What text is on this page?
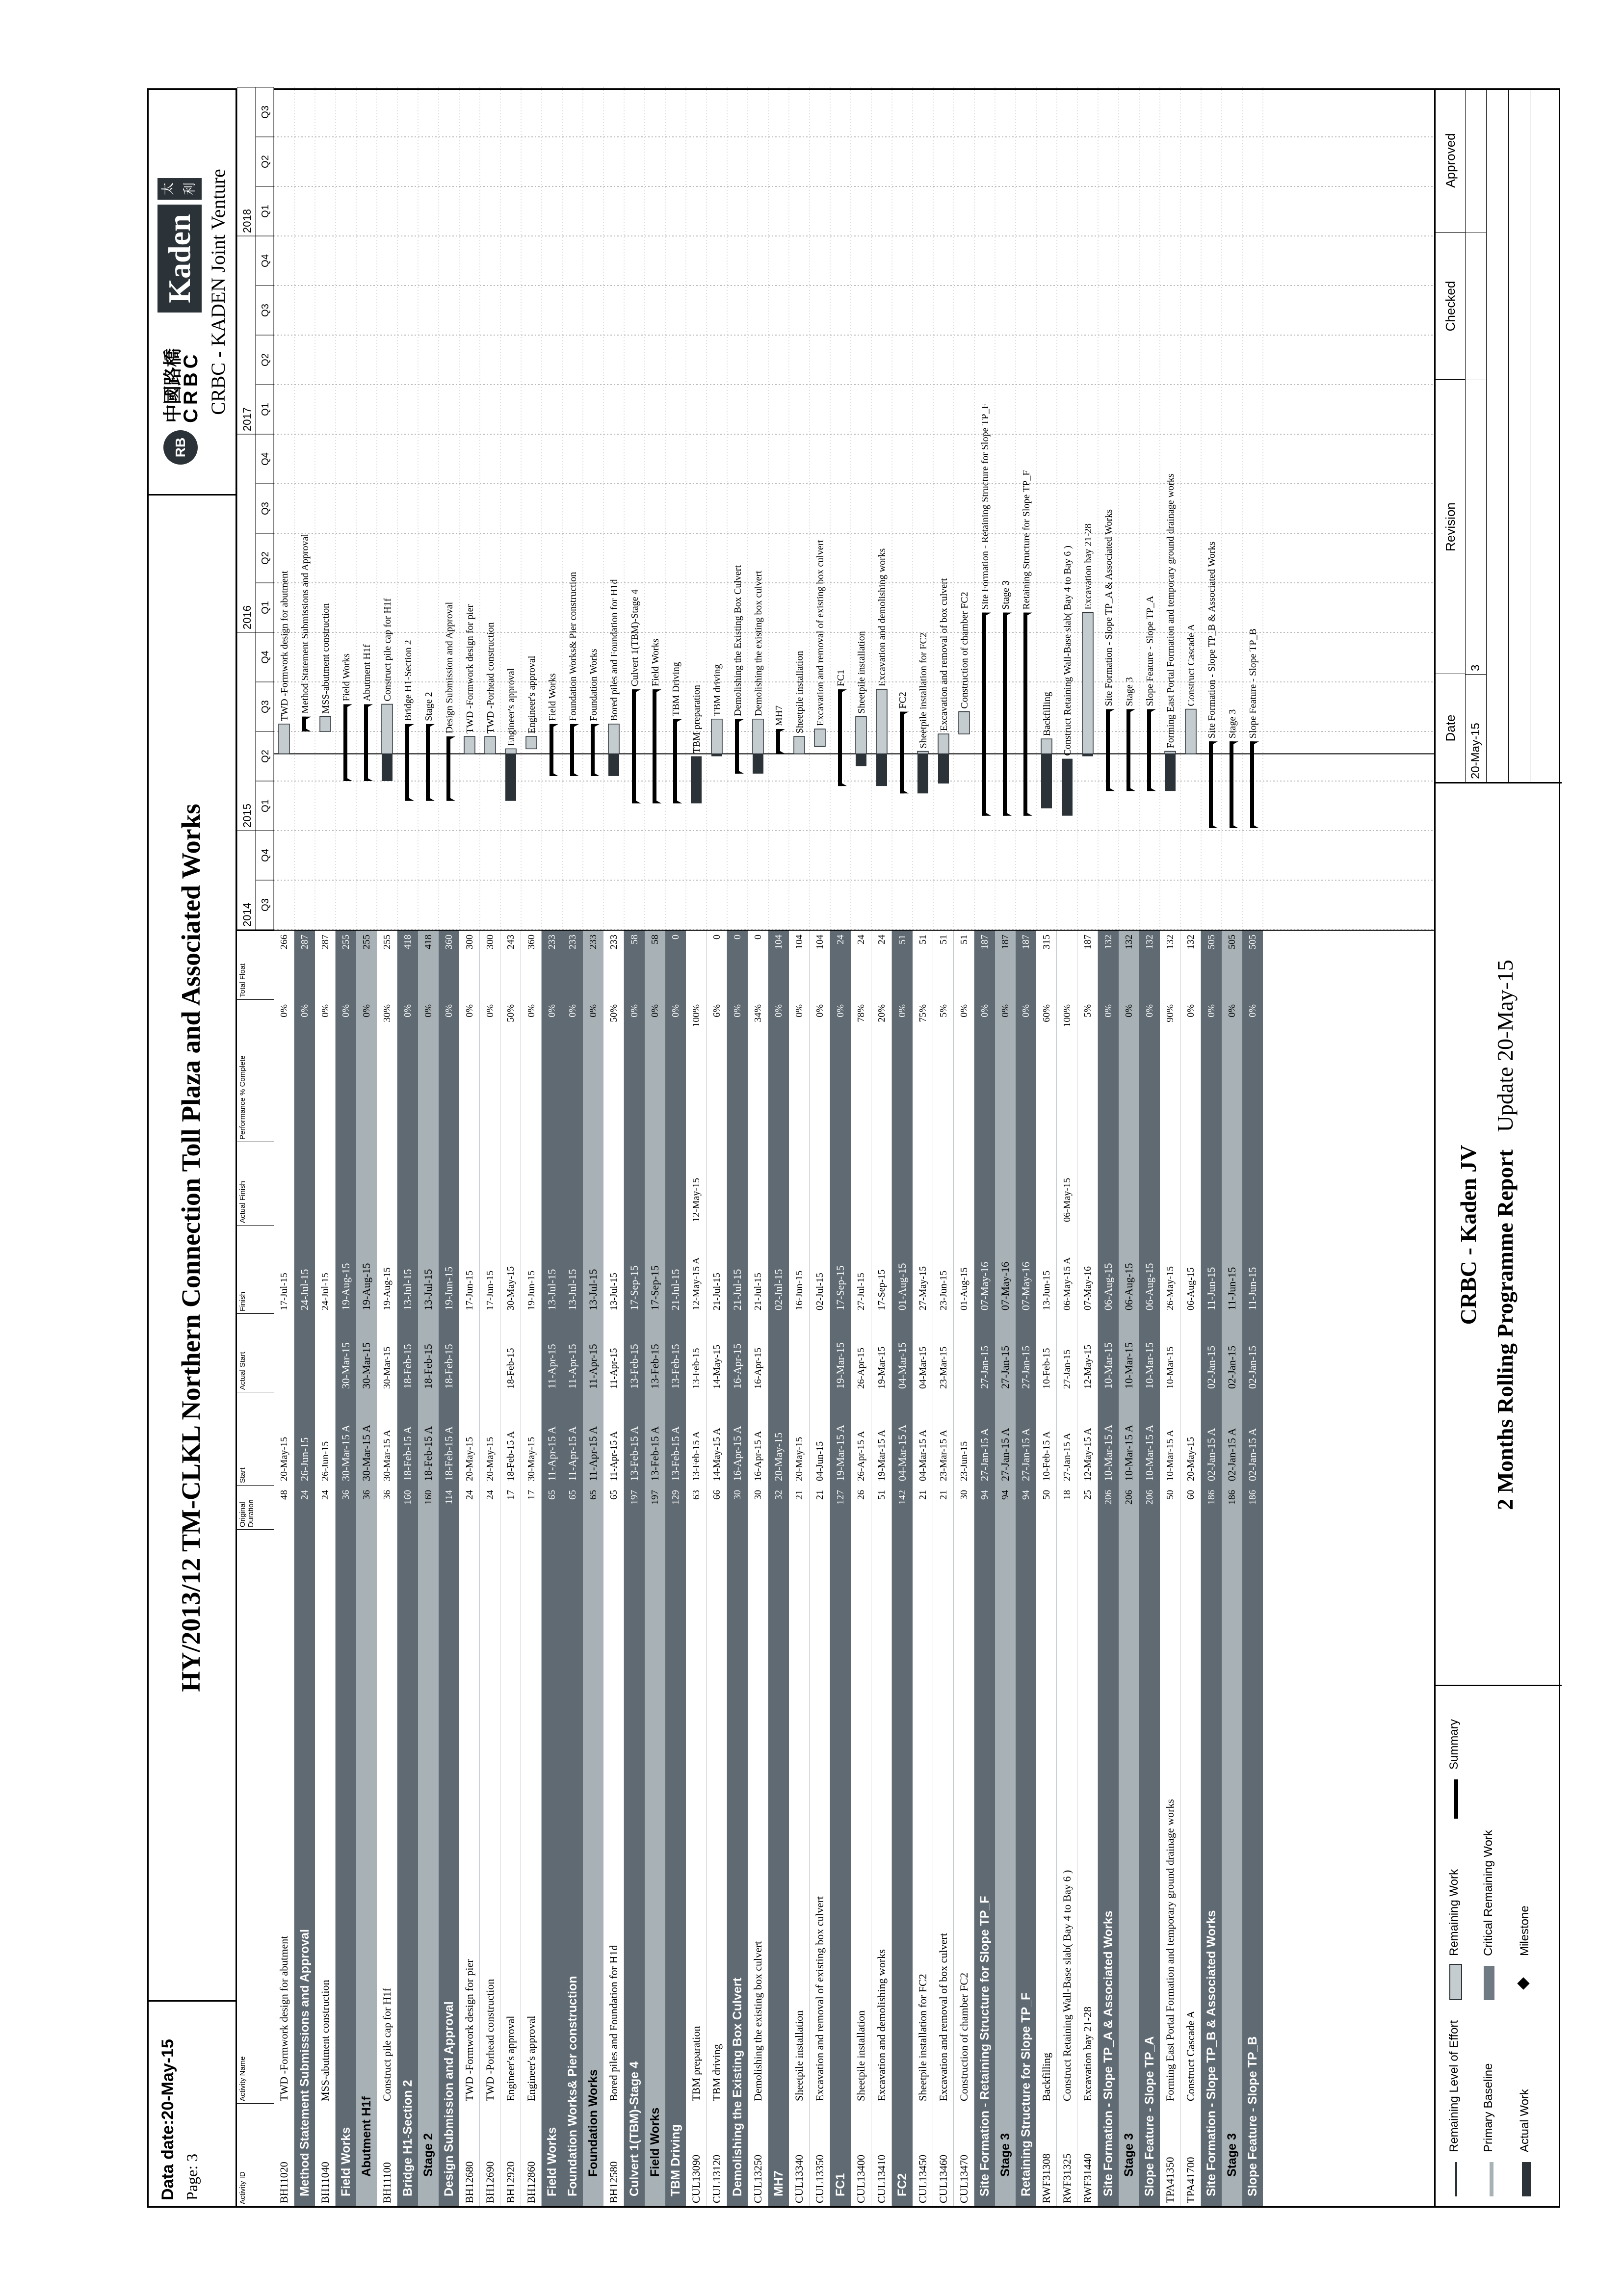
Data date:20-May-15 Page: 3
HY/2013/12 TM-CLKL Northern Connection Toll Plaza and Associated Works
RB
中國路橋
CRBC
Kaden
太 利 CRBC - KADEN Joint Venture
Activity ID
Activity Name
Original Duration
Start
Actual Start
Finish
Actual Finish
Performance % Complete
Total Float
BH11020
TWD -Formwork design for abutment
48
20-May-15
17-Jul-15
0%
266
Method Statement Submissions and Approval
24
26-Jun-15
24-Jul-15
0%
287
BH11040
MSS-abutment construction
24
26-Jun-15
24-Jul-15
0%
287
Field Works
36
30-Mar-15 A
30-Mar-15
19-Aug-15
0%
255
Abutment H1f
36
30-Mar-15 A
30-Mar-15
19-Aug-15
0%
255
BH11100
Construct pile cap for H1f
36
30-Mar-15 A
30-Mar-15
19-Aug-15
30%
255
Bridge H1-Section 2
160
18-Feb-15 A
18-Feb-15
13-Jul-15
0%
418
Stage 2
160
18-Feb-15 A
18-Feb-15
13-Jul-15
0%
418
Design Submission and Approval
114
18-Feb-15 A
18-Feb-15
19-Jun-15
0%
360
BH12680
TWD -Formwork design for pier
24
20-May-15
17-Jun-15
0%
300
BH12690
TWD -Porhead construction
24
20-May-15
17-Jun-15
0%
300
BH12920
Engineer's approval
17
18-Feb-15 A
18-Feb-15
30-May-15
50%
243
BH12860
Engineer's approval
17
30-May-15
19-Jun-15
0%
360
Field Works
65
11-Apr-15 A
11-Apr-15
13-Jul-15
0%
233
Foundation Works& Pier construction
65
11-Apr-15 A
11-Apr-15
13-Jul-15
0%
233
Foundation Works
65
11-Apr-15 A
11-Apr-15
13-Jul-15
0%
233
BH12580
Bored piles and Foundation for H1d
65
11-Apr-15 A
11-Apr-15
13-Jul-15
50%
233
Culvert 1(TBM)-Stage 4
197
13-Feb-15 A
13-Feb-15
17-Sep-15
0%
58
Field Works
197
13-Feb-15 A
13-Feb-15
17-Sep-15
0%
58
TBM Driving
129
13-Feb-15 A
13-Feb-15
21-Jul-15
0%
0
CUL13090
TBM preparation
63
13-Feb-15 A
13-Feb-15
12-May-15 A
12-May-15
100%
CUL13120
TBM driving
66
14-May-15 A
14-May-15
21-Jul-15
6%
0
Demolishing the Existing Box Culvert
30
16-Apr-15 A
16-Apr-15
21-Jul-15
0%
0
CUL13250
Demolishing the existing box culvert
30
16-Apr-15 A
16-Apr-15
21-Jul-15
34%
0
MH7
32
20-May-15
02-Jul-15
0%
104
CUL13340
Sheetpile installation
21
20-May-15
16-Jun-15
0%
104
CUL13350
Excavation and removal of existing box culvert
21
04-Jun-15
02-Jul-15
0%
104
FC1
127
19-Mar-15 A
19-Mar-15
17-Sep-15
0%
24
CUL13400
Sheetpile installation
26
26-Apr-15 A
26-Apr-15
27-Jul-15
78%
24
CUL13410
Excavation and demolishing works
51
19-Mar-15 A
19-Mar-15
17-Sep-15
20%
24
FC2
142
04-Mar-15 A
04-Mar-15
01-Aug-15
0%
51
CUL13450
Sheetpile installation for FC2
21
04-Mar-15 A
04-Mar-15
27-May-15
75%
51
CUL13460
Excavation and removal of box culvert
21
23-Mar-15 A
23-Mar-15
23-Jun-15
5%
51
CUL13470
Construction of chamber FC2
30
23-Jun-15
01-Aug-15
0%
51
Site Formation - Retaining Structure for Slope TP_F
94
27-Jan-15 A
27-Jan-15
07-May-16
0%
187
Stage 3
94
27-Jan-15 A
27-Jan-15
07-May-16
0%
187
Retaining Structure for Slope TP_F
94
27-Jan-15 A
27-Jan-15
07-May-16
0%
187
RWF31308
Backfilling
50
10-Feb-15 A
10-Feb-15
13-Jun-15
60%
315
RWF31325
Construct Retaining Wall-Base slab( Bay 4 to Bay 6 )
18
27-Jan-15 A
27-Jan-15
06-May-15 A
06-May-15
100%
RWF31440
Excavation bay 21-28
25
12-May-15 A
12-May-15
07-May-16
5%
187
Site Formation - Slope TP_A & Associated Works
206
10-Mar-15 A
10-Mar-15
06-Aug-15
0%
132
Stage 3
206
10-Mar-15 A
10-Mar-15
06-Aug-15
0%
132
Slope Feature - Slope TP_A
206
10-Mar-15 A
10-Mar-15
06-Aug-15
0%
132
TPA41350
Forming East Portal Formation and temporary ground drainage works
50
10-Mar-15 A
10-Mar-15
26-May-15
90%
132
TPA41700
Construct Cascade A
60
20-May-15
06-Aug-15
0%
132
Site Formation - Slope TP_B & Associated Works
186
02-Jan-15 A
02-Jan-15
11-Jun-15
0%
505
Stage 3
186
02-Jan-15 A
02-Jan-15
11-Jun-15
0%
505
Slope Feature - Slope TP_B
186
02-Jan-15 A
02-Jan-15
11-Jun-15
0%
505
2014
2015
2016
2017
2018
Q3
Q4
Q1
Q2
Q3
Q4
Q1
Q2
Q3
Q4
Q1
Q2
Q3
Q4
Q1
Q2
Q3
TWD -Formwork design for abutment Method Statement Submissions and Approval MSS-abutment construction Field Works Abutment H1f Construct pile cap for H1f Bridge H1-Section 2 Stage 2 Design Submission and Approval TWD -Formwork design for pier TWD -Porhead construction Engineer's approval Engineer's approval Field Works Foundation Works& Pier construction Foundation Works Bored piles and Foundation for H1d Culvert 1(TBM)-Stage 4 Field Works TBM Driving TBM preparation TBM driving Demolishing the Existing Box Culvert Demolishing the existing box culvert MH7 Sheetpile installation Excavation and removal of existing box culvert FC1 Sheetpile installation Excavation and demolishing works
FC2 Sheetpile installation for FC2 Excavation and removal of box culvert Construction of chamber FC2
Site Formation - Retaining Structure for Slope TP_F Stage 3 Retaining Structure for Slope TP_F
Backfilling Construct Retaining Wall-Base slab( Bay 4 to Bay 6 ) Excavation bay 21-28 Site Formation - Slope TP_A & Associated Works Stage 3 Slope Feature - Slope TP_A Forming East Portal Formation and temporary ground drainage works Construct Cascade A Site Formation - Slope TP_B & Associated Works Stage 3 Slope Feature - Slope TP_B
Remaining Level of Effort Primary Baseline Actual Work
Remaining Work Critical Remaining Work Milestone
Summary
CRBC - Kaden JV 2 Months Rolling Programme Report Update 20-May-15
Date
Revision
Checked
Approved
20-May-15
3
